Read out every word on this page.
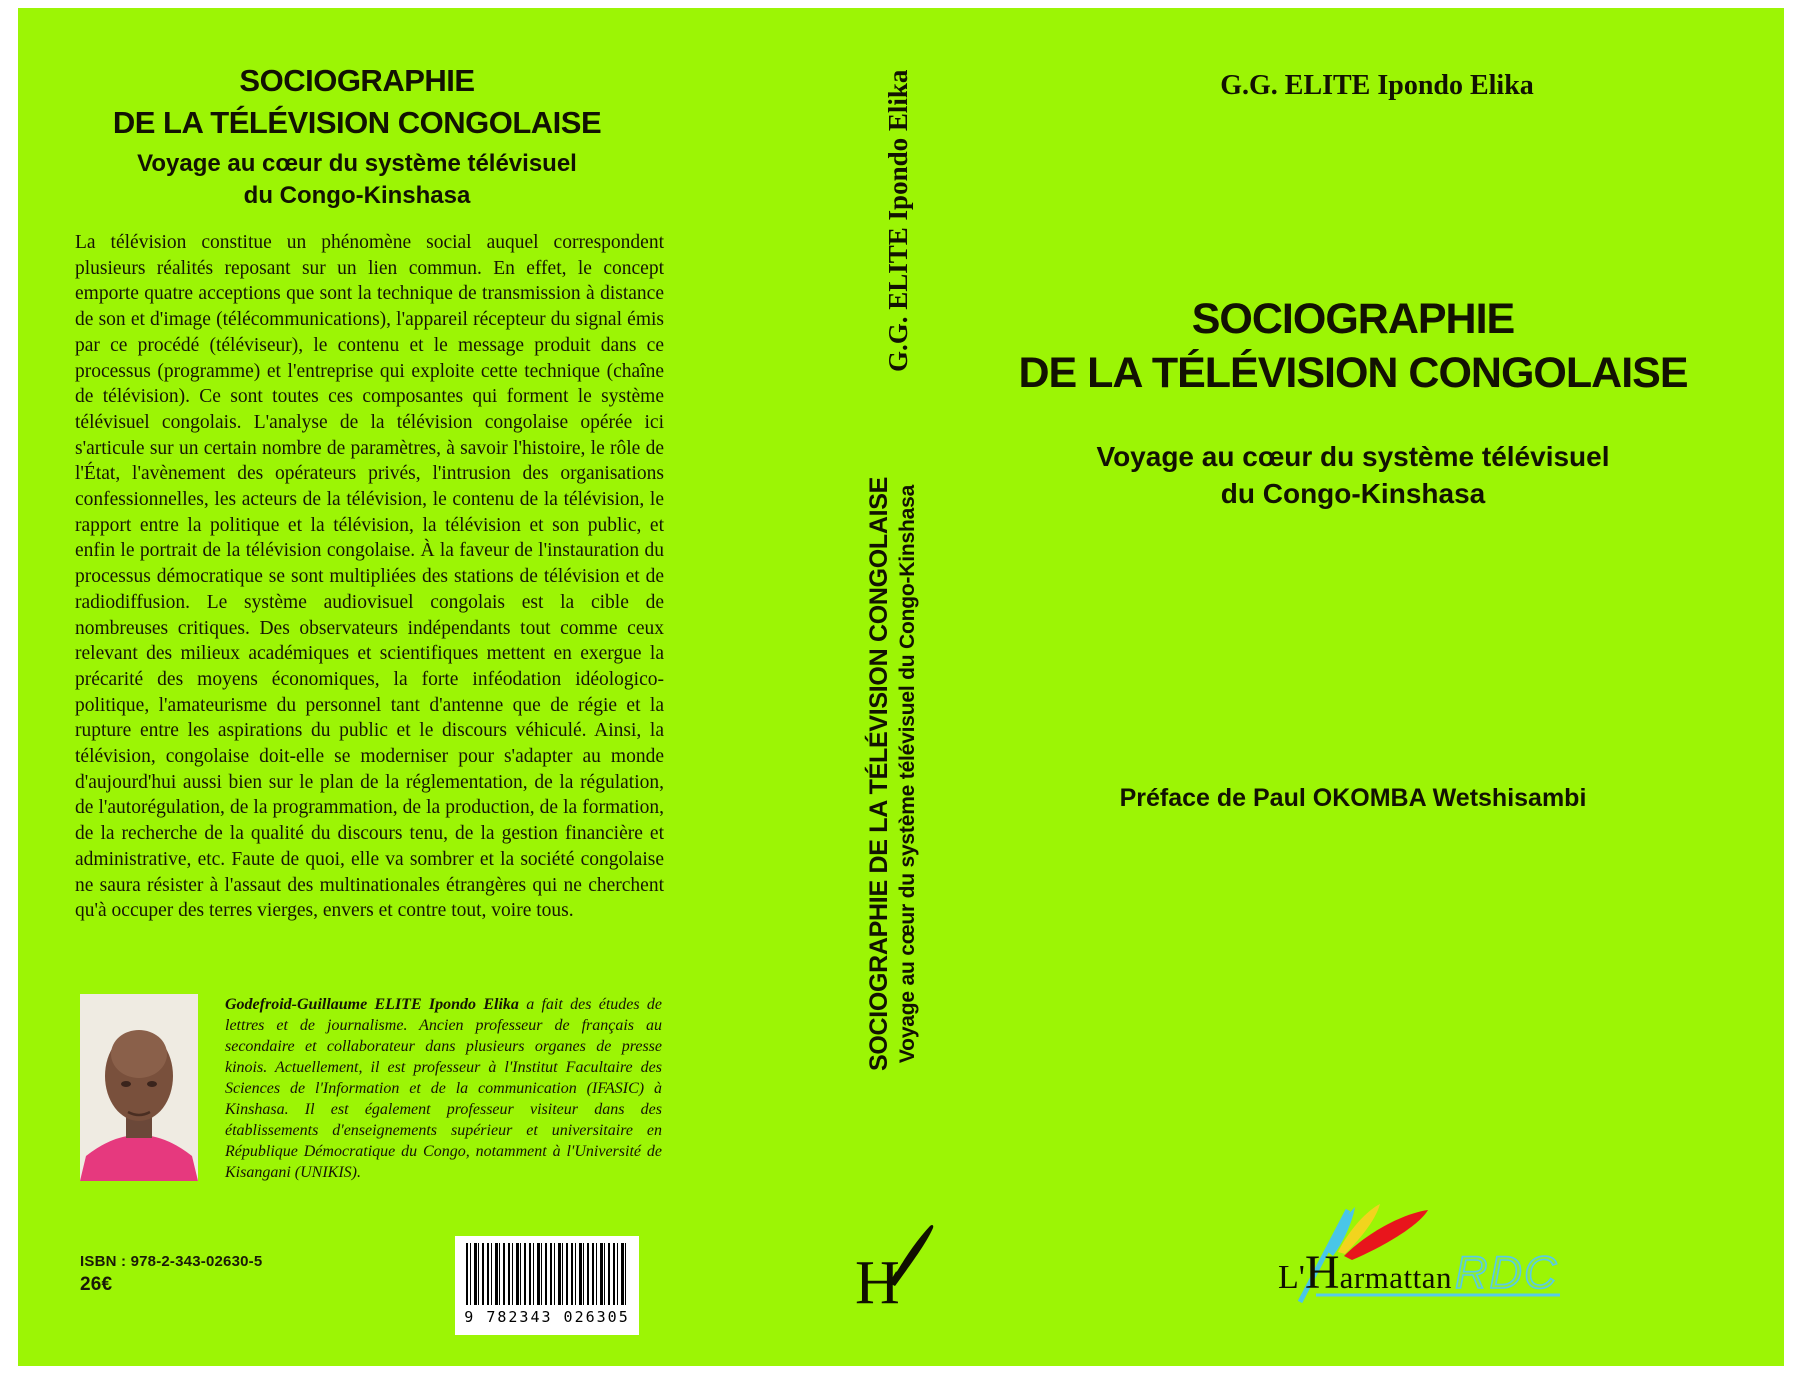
SOCIOGRAPHIE
DE LA TÉLÉVISION CONGOLAISE
Voyage au cœur du système télévisuel
du Congo-Kinshasa
La télévision constitue un phénomène social auquel correspondent plusieurs réalités reposant sur un lien commun. En effet, le concept emporte quatre acceptions que sont la technique de transmission à distance de son et d'image (télécommunications), l'appareil récepteur du signal émis par ce procédé (téléviseur), le contenu et le message produit dans ce processus (programme) et l'entreprise qui exploite cette technique (chaîne de télévision). Ce sont toutes ces composantes qui forment le système télévisuel congolais. L'analyse de la télévision congolaise opérée ici s'articule sur un certain nombre de paramètres, à savoir l'histoire, le rôle de l'État, l'avènement des opérateurs privés, l'intrusion des organisations confessionnelles, les acteurs de la télévision, le contenu de la télévision, le rapport entre la politique et la télévision, la télévision et son public, et enfin le portrait de la télévision congolaise. À la faveur de l'instauration du processus démocratique se sont multipliées des stations de télévision et de radiodiffusion. Le système audiovisuel congolais est la cible de nombreuses critiques. Des observateurs indépendants tout comme ceux relevant des milieux académiques et scientifiques mettent en exergue la précarité des moyens économiques, la forte inféodation idéologico-politique, l'amateurisme du personnel tant d'antenne que de régie et la rupture entre les aspirations du public et le discours véhiculé. Ainsi, la télévision, congolaise doit-elle se moderniser pour s'adapter au monde d'aujourd'hui aussi bien sur le plan de la réglementation, de la régulation, de l'autorégulation, de la programmation, de la production, de la formation, de la recherche de la qualité du discours tenu, de la gestion financière et administrative, etc. Faute de quoi, elle va sombrer et la société congolaise ne saura résister à l'assaut des multinationales étrangères qui ne cherchent qu'à occuper des terres vierges, envers et contre tout, voire tous.

Godefroid-Guillaume ELITE Ipondo Elika a fait des études de lettres et de journalisme. Ancien professeur de français au secondaire et collaborateur dans plusieurs organes de presse kinois. Actuellement, il est professeur à l'Institut Facultaire des Sciences de l'Information et de la communication (IFASIC) à Kinshasa. Il est également professeur visiteur dans des établissements d'enseignements supérieur et universitaire en République Démocratique du Congo, notamment à l'Université de Kisangani (UNIKIS).

ISBN : 978-2-343-02630-5
26€
9 782343 026305
G.G. ELITE Ipondo Elika
SOCIOGRAPHIE DE LA TÉLÉVISION CONGOLAISE Voyage au cœur du système télévisuel du Congo-Kinshasa
H
G.G. ELITE Ipondo Elika
SOCIOGRAPHIE
DE LA TÉLÉVISION CONGOLAISE
Voyage au cœur du système télévisuel
du Congo-Kinshasa
Préface de Paul OKOMBA Wetshisambi
L' H armattan RDC
